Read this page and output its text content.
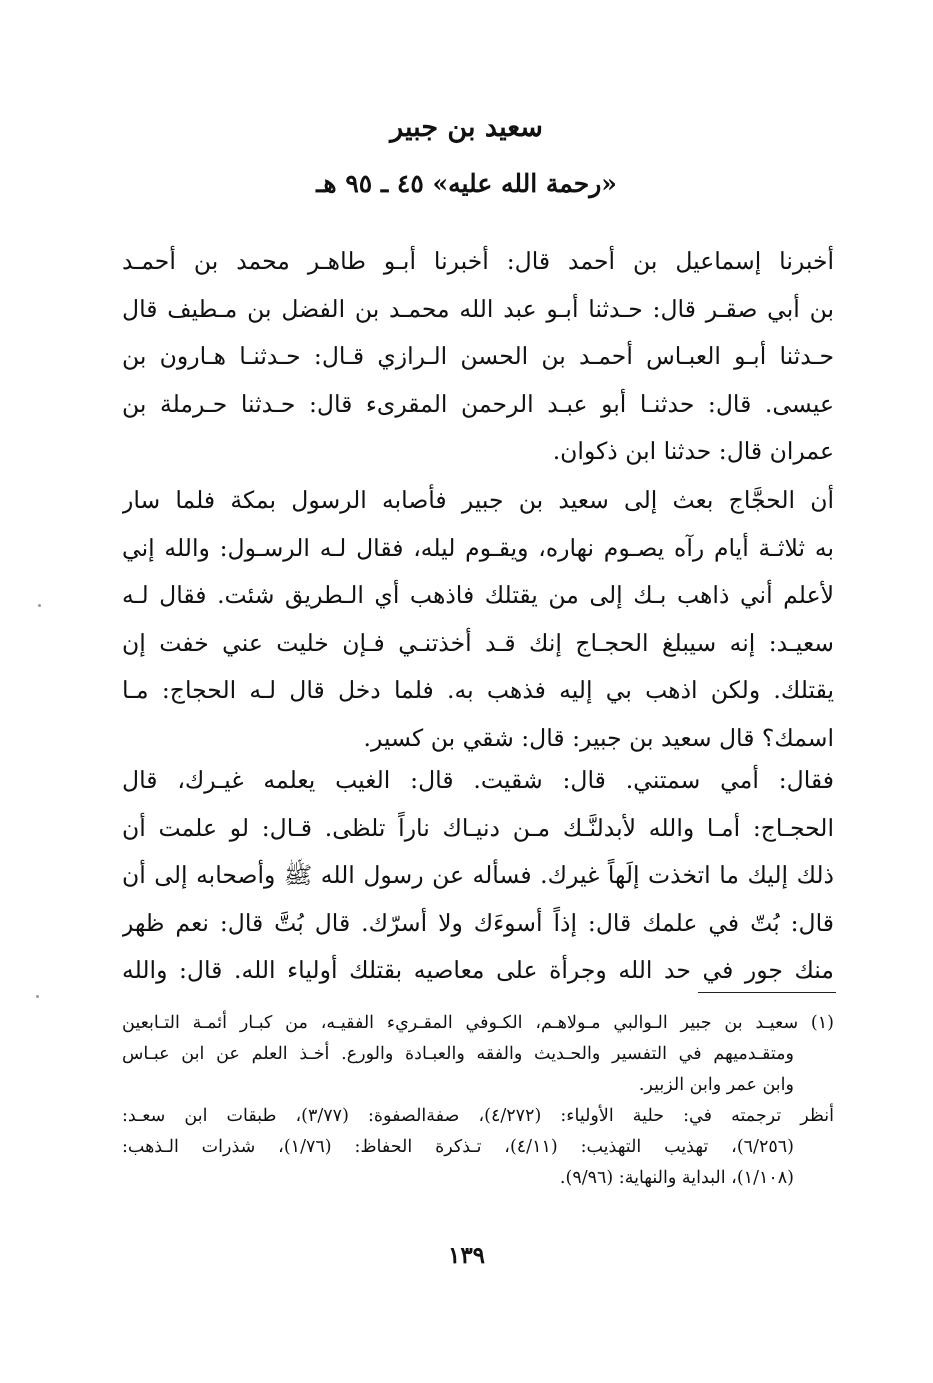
سعيد بن جبير
«رحمة الله عليه» ٤٥ ـ ٩٥ هـ
أخبرنا إسماعيل بن أحمد قال: أخبرنا أبـو طاهـر محمد بن أحمـد
بن أبي صقـر قال: حـدثنا أبـو عبد الله محمـد بن الفضل بن مـطيف قال
حـدثنا أبـو العبـاس أحمـد بن الحسن الـرازي قـال: حـدثنـا هـارون بن
عيسى. قال: حدثنـا أبو عبـد الرحمن المقرىء قال: حـدثنا حـرملة بن
عمران قال: حدثنا ابن ذكوان.
أن الحجَّاج بعث إلى سعيد بن جبير فأصابه الرسول بمكة فلما سار
به ثلاثـة أيام رآه يصـوم نهاره، ويقـوم ليله، فقال لـه الرسـول: والله إني
لأعلم أني ذاهب بـك إلى من يقتلك فاذهب أي الـطريق شئت. فقال لـه
سعيـد: إنه سيبلغ الحجـاج إنك قـد أخذتنـي فـإن خليت عني خفت إن
يقتلك. ولكن اذهب بي إليه فذهب به. فلما دخل قال لـه الحجاج: مـا
اسمك؟ قال سعيد بن جبير: قال: شقي بن كسير.
فقال: أمي سمتني. قال: شقيت. قال: الغيب يعلمه غيـرك، قال
الحجـاج: أمـا والله لأبدلنَّـك مـن دنيـاك ناراً تلظى. قـال: لو علمت أن
ذلك إليك ما اتخذت إلَهاً غيرك. فسأله عن رسول الله ﷺ وأصحابه إلى أن
قال: بُتّ في علمك قال: إذاً أسوءَك ولا أسرّك. قال بُتَّ قال: نعم ظهر
منك جور في حد الله وجرأة على معاصيه بقتلك أولياء الله. قال: والله
(١) سعيـد بن جبير الـوالبي مـولاهـم، الكـوفي المقـريء الفقيـه، من كبـار أئمـة التـابعين
ومتقـدميهم في التفسير والحـديث والفقه والعبـادة والورع. أخـذ العلم عن ابن عبـاس
وابن عمر وابن الزبير.
أنظر ترجمته في: حلية الأولياء: (٤/٢٧٢)، صفةالصفوة: (٣/٧٧)، طبقات ابن سعـد:
(٦/٢٥٦)، تهذيب التهذيب: (٤/١١)، تـذكرة الحفاظ: (١/٧٦)، شذرات الـذهب:
(١/١٠٨)، البداية والنهاية: (٩/٩٦).
١٣٩
